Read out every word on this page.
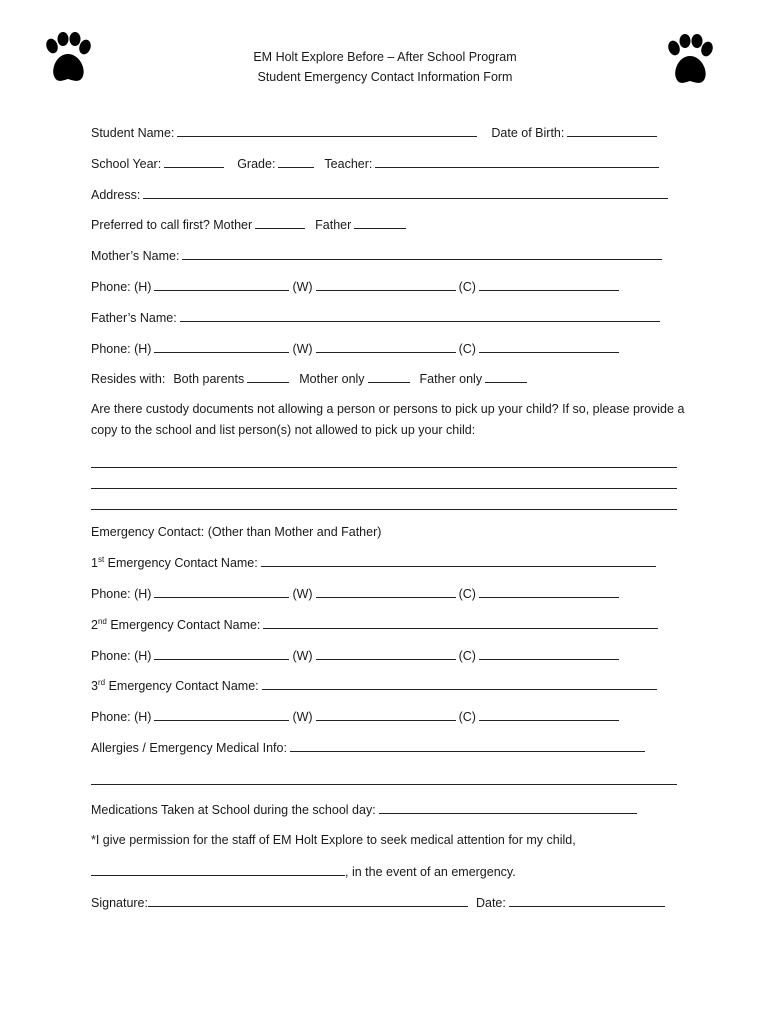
EM Holt Explore Before – After School Program
Student Emergency Contact Information Form
Student Name:	Date of Birth:
School Year:	Grade:	Teacher:
Address:
Preferred to call first? Mother	Father
Mother’s Name:
Phone: (H)	(W)	(C)
Father’s Name:
Phone: (H)	(W)	(C)
Resides with: Both parents	Mother only	Father only
Are there custody documents not allowing a person or persons to pick up your child? If so, please provide a copy to the school and list person(s) not allowed to pick up your child:
Emergency Contact: (Other than Mother and Father)
1st Emergency Contact Name:
Phone: (H)	(W)	(C)
2nd Emergency Contact Name:
Phone: (H)	(W)	(C)
3rd Emergency Contact Name:
Phone: (H)	(W)	(C)
Allergies / Emergency Medical Info:
Medications Taken at School during the school day:
*I give permission for the staff of EM Holt Explore to seek medical attention for my child,
, in the event of an emergency.
Signature:	Date:
